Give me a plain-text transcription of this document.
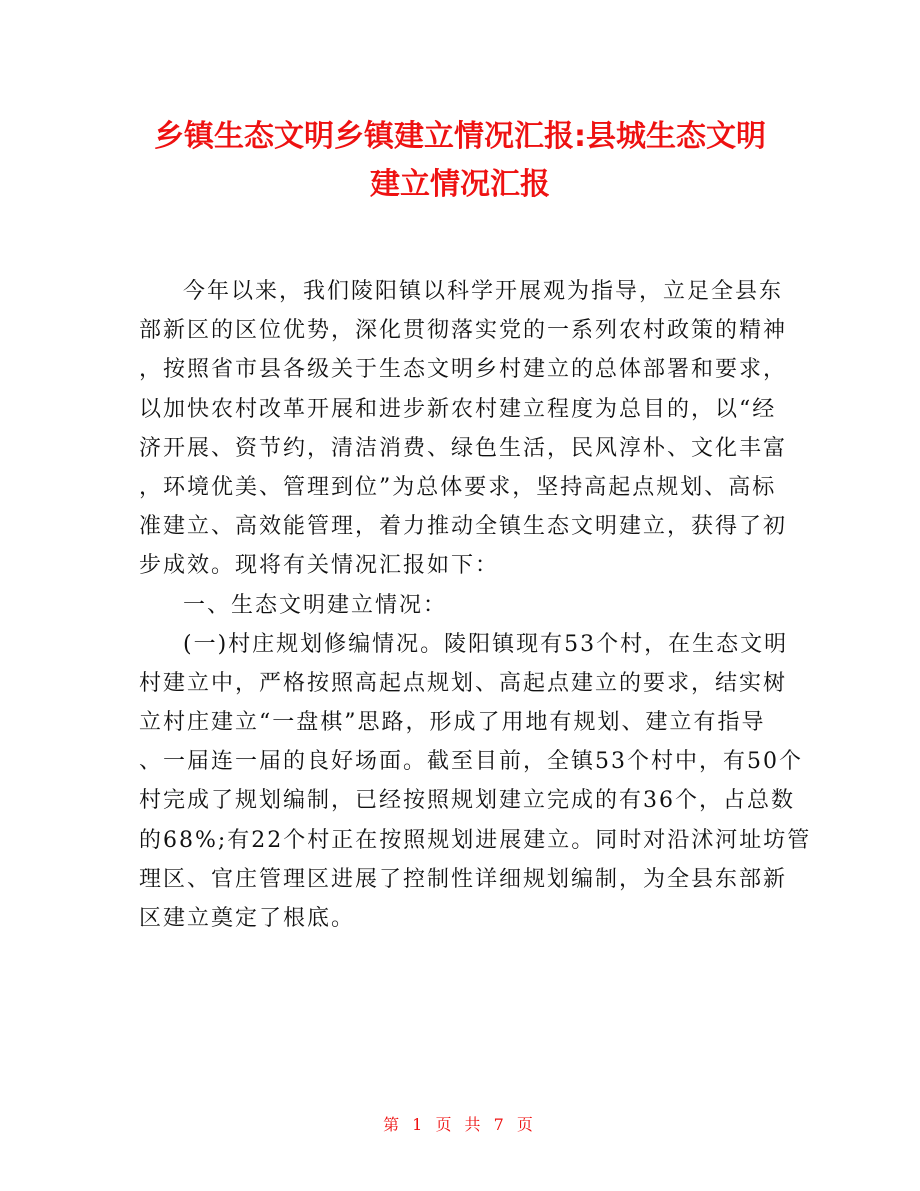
乡镇生态文明乡镇建立情况汇报:县城生态文明
建立情况汇报
今年以来，我们陵阳镇以科学开展观为指导，立足全县东
部新区的区位优势，深化贯彻落实党的一系列农村政策的精神
，按照省市县各级关于生态文明乡村建立的总体部署和要求，
以加快农村改革开展和进步新农村建立程度为总目的，以“经
济开展、资节约，清洁消费、绿色生活，民风淳朴、文化丰富
，环境优美、管理到位”为总体要求，坚持高起点规划、高标
准建立、高效能管理，着力推动全镇生态文明建立，获得了初
步成效。现将有关情况汇报如下：
一、生态文明建立情况：
(一)村庄规划修编情况。陵阳镇现有53个村，在生态文明
村建立中，严格按照高起点规划、高起点建立的要求，结实树
立村庄建立“一盘棋”思路，形成了用地有规划、建立有指导
、一届连一届的良好场面。截至目前，全镇53个村中，有50个
村完成了规划编制，已经按照规划建立完成的有36个，占总数
的68%;有22个村正在按照规划进展建立。同时对沿沭河址坊管
理区、官庄管理区进展了控制性详细规划编制，为全县东部新
区建立奠定了根底。
第 1 页 共 7 页
